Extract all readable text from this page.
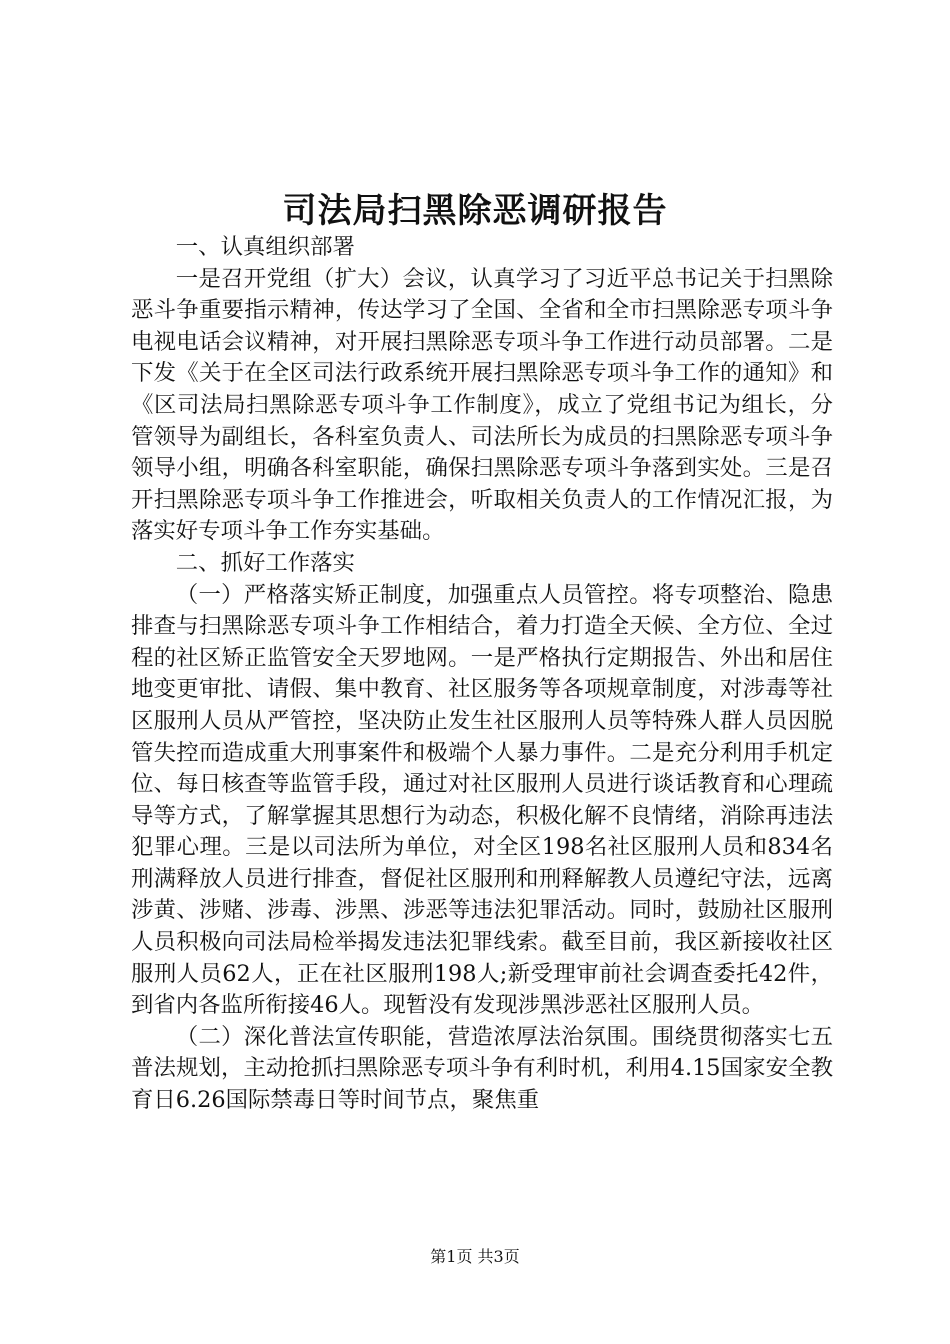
司法局扫黑除恶调研报告

一、认真组织部署

一是召开党组（扩大）会议，认真学习了习近平总书记关于扫黑除恶斗争重要指示精神，传达学习了全国、全省和全市扫黑除恶专项斗争电视电话会议精神，对开展扫黑除恶专项斗争工作进行动员部署。二是下发《关于在全区司法行政系统开展扫黑除恶专项斗争工作的通知》和《区司法局扫黑除恶专项斗争工作制度》，成立了党组书记为组长，分管领导为副组长，各科室负责人、司法所长为成员的扫黑除恶专项斗争领导小组，明确各科室职能，确保扫黑除恶专项斗争落到实处。三是召开扫黑除恶专项斗争工作推进会，听取相关负责人的工作情况汇报，为落实好专项斗争工作夯实基础。

二、抓好工作落实

（一）严格落实矫正制度，加强重点人员管控。将专项整治、隐患排查与扫黑除恶专项斗争工作相结合，着力打造全天候、全方位、全过程的社区矫正监管安全天罗地网。一是严格执行定期报告、外出和居住地变更审批、请假、集中教育、社区服务等各项规章制度，对涉毒等社区服刑人员从严管控，坚决防止发生社区服刑人员等特殊人群人员因脱管失控而造成重大刑事案件和极端个人暴力事件。二是充分利用手机定位、每日核查等监管手段，通过对社区服刑人员进行谈话教育和心理疏导等方式，了解掌握其思想行为动态，积极化解不良情绪，消除再违法犯罪心理。三是以司法所为单位，对全区198名社区服刑人员和834名刑满释放人员进行排查，督促社区服刑和刑释解教人员遵纪守法，远离涉黄、涉赌、涉毒、涉黑、涉恶等违法犯罪活动。同时，鼓励社区服刑人员积极向司法局检举揭发违法犯罪线索。截至目前，我区新接收社区服刑人员62人，正在社区服刑198人;新受理审前社会调查委托42件，到省内各监所衔接46人。现暂没有发现涉黑涉恶社区服刑人员。

（二）深化普法宣传职能，营造浓厚法治氛围。围绕贯彻落实七五普法规划，主动抢抓扫黑除恶专项斗争有利时机，利用4.15国家安全教育日6.26国际禁毒日等时间节点，聚焦重

第1页 共3页
